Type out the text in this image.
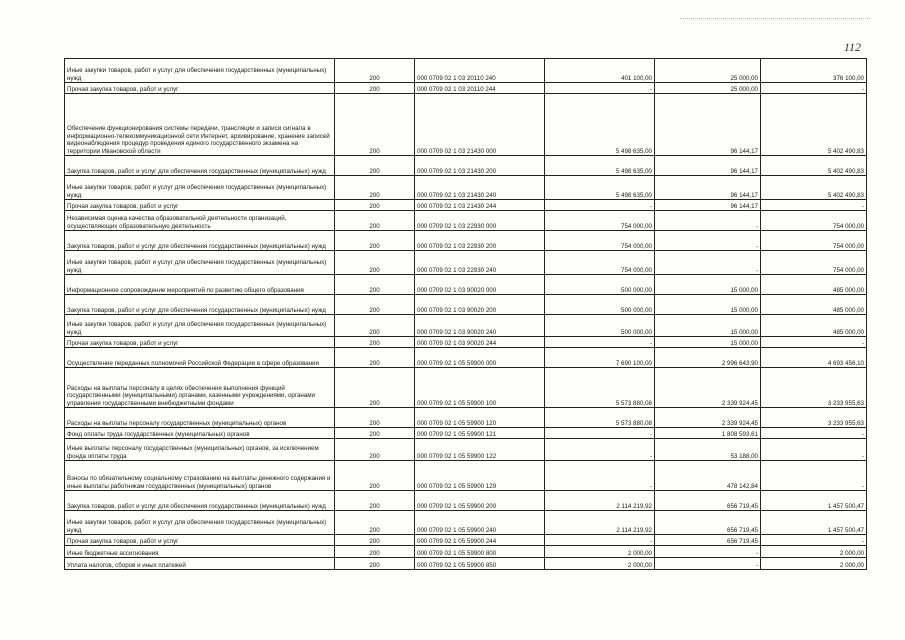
112
Иные закупки товаров, работ и услуг для обеспечения государственных (муниципальных) нужд	200	000 0709 02 1 03 20110 240	401 100,00	25 000,00	376 100,00
Прочая закупка товаров, работ и услуг	200	000 0709 02 1 03 20110 244	-	25 000,00	-
Обеспечение функционирования системы передачи, трансляции и записи сигнала в информационно-телекоммуникационной сети Интернет, архивирование, хранение записей видеонаблюдения процедур проведения единого государственного экзамена на территории Ивановской области	200	000 0709 02 1 03 21430 000	5 498 635,00	96 144,17	5 402 490,83
Закупка товаров, работ и услуг для обеспечения государственных (муниципальных) нужд	200	000 0709 02 1 03 21430 200	5 498 635,00	96 144,17	5 402 490,83
Иные закупки товаров, работ и услуг для обеспечения государственных (муниципальных) нужд	200	000 0709 02 1 03 21430 240	5 498 635,00	96 144,17	5 402 490,83
Прочая закупка товаров, работ и услуг	200	000 0709 02 1 03 21430 244	-	96 144,17	-
Независимая оценка качества образовательной деятельности организаций, осуществляющих образовательную деятельность	200	000 0709 02 1 03 22930 000	754 000,00	-	754 000,00
Закупка товаров, работ и услуг для обеспечения государственных (муниципальных) нужд	200	000 0709 02 1 03 22930 200	754 000,00	-	754 000,00
Иные закупки товаров, работ и услуг для обеспечения государственных (муниципальных) нужд	200	000 0709 02 1 03 22930 240	754 000,00	-	754 000,00
Информационное сопровождение мероприятий по развитию общего образования	200	000 0709 02 1 03 90020 000	500 000,00	15 000,00	485 000,00
Закупка товаров, работ и услуг для обеспечения государственных (муниципальных) нужд	200	000 0709 02 1 03 90020 200	500 000,00	15 000,00	485 000,00
Иные закупки товаров, работ и услуг для обеспечения государственных (муниципальных) нужд	200	000 0709 02 1 03 90020 240	500 000,00	15 000,00	485 000,00
Прочая закупка товаров, работ и услуг	200	000 0709 02 1 03 90020 244	-	15 000,00	-
Осуществление переданных полномочий Российской Федерации в сфере образования	200	000 0709 02 1 05 59900 000	7 690 100,00	2 996 643,90	4 693 456,10
Расходы на выплаты персоналу в целях обеспечения выполнения функций государственными (муниципальными) органами, казенными учреждениями, органами управления государственными внебюджетными фондами	200	000 0709 02 1 05 59900 100	5 573 880,08	2 339 924,45	3 233 955,63
Расходы на выплаты персоналу государственных (муниципальных) органов	200	000 0709 02 1 05 59900 120	5 573 880,08	2 339 924,45	3 233 955,63
Фонд оплаты труда государственных (муниципальных) органов	200	000 0709 02 1 05 59900 121	-	1 808 593,61	-
Иные выплаты персоналу государственных (муниципальных) органов, за исключением фонда оплаты труда	200	000 0709 02 1 05 59900 122	-	53 188,00	-
Взносы по обязательному социальному страхованию на выплаты денежного содержания и иные выплаты работникам государственных (муниципальных) органов	200	000 0709 02 1 05 59900 129	-	478 142,84	-
Закупка товаров, работ и услуг для обеспечения государственных (муниципальных) нужд	200	000 0709 02 1 05 59900 200	2 114 219,92	656 719,45	1 457 500,47
Иные закупки товаров, работ и услуг для обеспечения государственных (муниципальных) нужд	200	000 0709 02 1 05 59900 240	2 114 219,92	656 719,45	1 457 500,47
Прочая закупка товаров, работ и услуг	200	000 0709 02 1 05 59900 244	-	656 719,45	-
Иные бюджетные ассигнования	200	000 0709 02 1 05 59900 800	2 000,00	-	2 000,00
Уплата налогов, сборов и иных платежей	200	000 0709 02 1 05 59900 850	2 000,00	-	2 000,00
